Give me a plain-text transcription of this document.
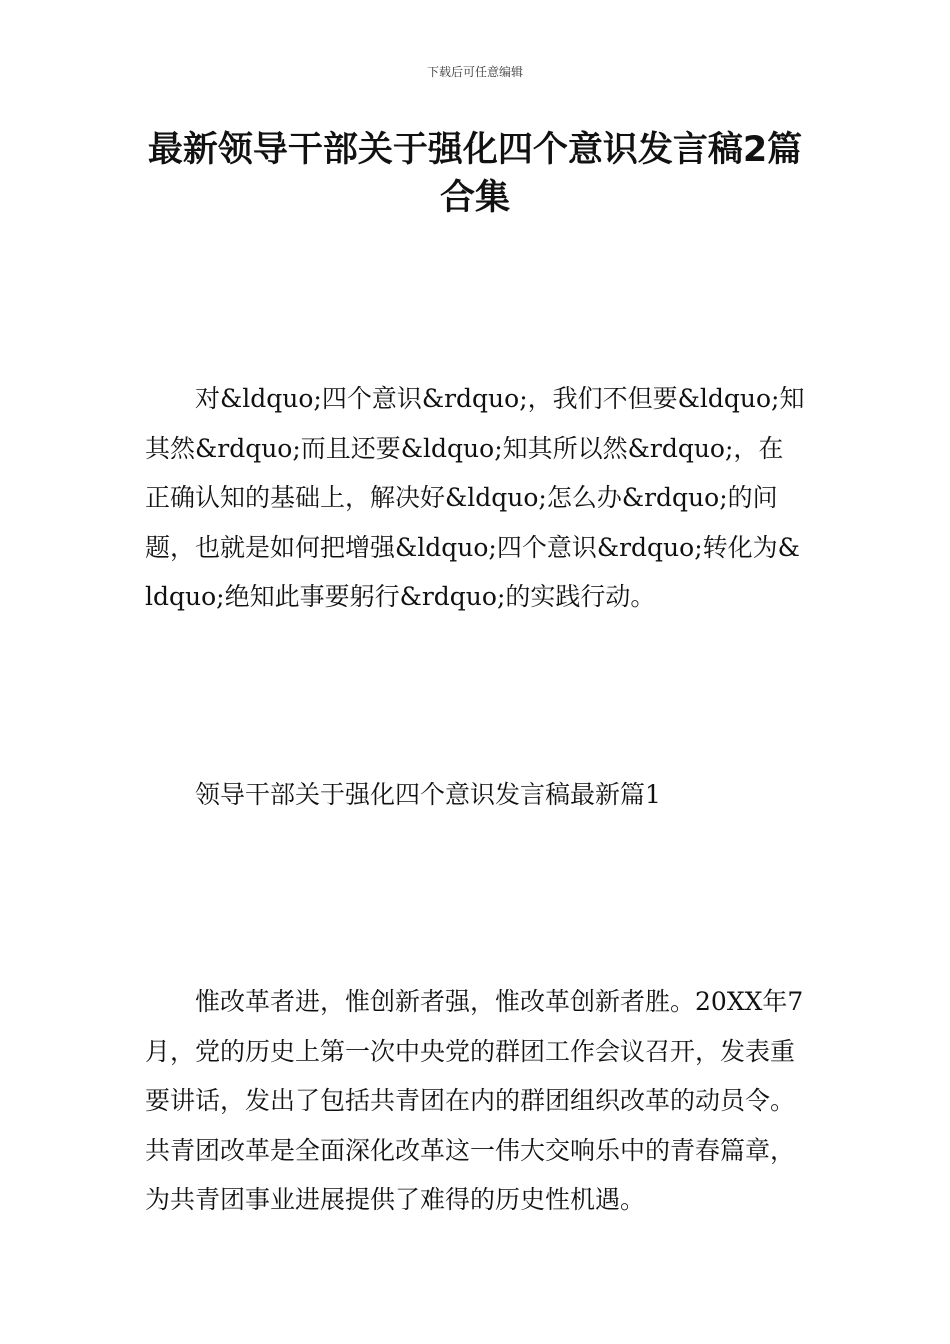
下载后可任意编辑
最新领导干部关于强化四个意识发言稿2篇合集

对&ldquo;四个意识&rdquo;，我们不但要&ldquo;知其然&rdquo;而且还要&ldquo;知其所以然&rdquo;，在正确认知的基础上，解决好&ldquo;怎么办&rdquo;的问题，也就是如何把增强&ldquo;四个意识&rdquo;转化为&ldquo;绝知此事要躬行&rdquo;的实践行动。

领导干部关于强化四个意识发言稿最新篇1

惟改革者进，惟创新者强，惟改革创新者胜。20XX年7月，党的历史上第一次中央党的群团工作会议召开，发表重要讲话，发出了包括共青团在内的群团组织改革的动员令。共青团改革是全面深化改革这一伟大交响乐中的青春篇章，为共青团事业进展提供了难得的历史性机遇。
